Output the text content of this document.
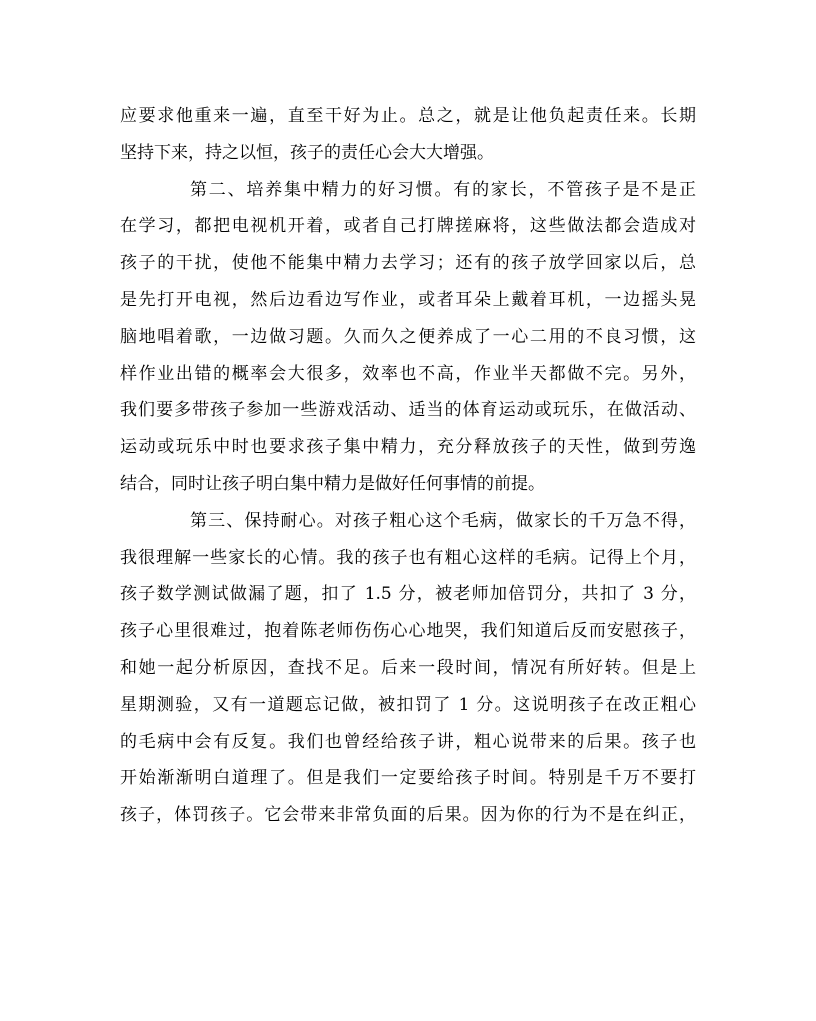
应要求他重来一遍，直至干好为止。总之，就是让他负起责任来。长期
坚持下来，持之以恒，孩子的责任心会大大增强。
第二、培养集中精力的好习惯。有的家长，不管孩子是不是正
在学习，都把电视机开着，或者自己打牌搓麻将，这些做法都会造成对
孩子的干扰，使他不能集中精力去学习；还有的孩子放学回家以后，总
是先打开电视，然后边看边写作业，或者耳朵上戴着耳机，一边摇头晃
脑地唱着歌，一边做习题。久而久之便养成了一心二用的不良习惯，这
样作业出错的概率会大很多，效率也不高，作业半天都做不完。另外，
我们要多带孩子参加一些游戏活动、适当的体育运动或玩乐，在做活动、
运动或玩乐中时也要求孩子集中精力，充分释放孩子的天性，做到劳逸
结合，同时让孩子明白集中精力是做好任何事情的前提。
第三、保持耐心。对孩子粗心这个毛病，做家长的千万急不得，
我很理解一些家长的心情。我的孩子也有粗心这样的毛病。记得上个月，
孩子数学测试做漏了题，扣了 1.5 分，被老师加倍罚分，共扣了 3 分，
孩子心里很难过，抱着陈老师伤伤心心地哭，我们知道后反而安慰孩子，
和她一起分析原因，查找不足。后来一段时间，情况有所好转。但是上
星期测验，又有一道题忘记做，被扣罚了 1 分。这说明孩子在改正粗心
的毛病中会有反复。我们也曾经给孩子讲，粗心说带来的后果。孩子也
开始渐渐明白道理了。但是我们一定要给孩子时间。特别是千万不要打
孩子，体罚孩子。它会带来非常负面的后果。因为你的行为不是在纠正，
